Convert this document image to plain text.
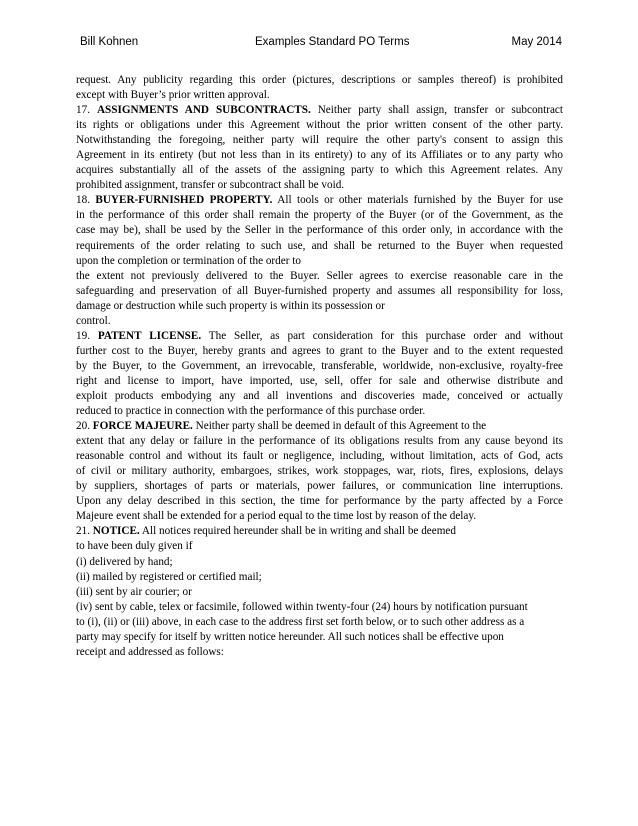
Bill Kohnen	Examples Standard PO Terms	May 2014

request. Any publicity regarding this order (pictures, descriptions or samples thereof) is prohibited

except with Buyer’s prior written approval.

17. ASSIGNMENTS AND SUBCONTRACTS. Neither party shall assign, transfer or subcontract

its rights or obligations under this Agreement without the prior written consent of the other party.

Notwithstanding the foregoing, neither party will require the other party's consent to assign this

Agreement in its entirety (but not less than in its entirety) to any of its Affiliates or to any party who

acquires substantially all of the assets of the assigning party to which this Agreement relates. Any

prohibited assignment, transfer or subcontract shall be void.

18. BUYER-FURNISHED PROPERTY. All tools or other materials furnished by the Buyer for use

in the performance of this order shall remain the property of the Buyer (or of the Government, as the

case may be), shall be used by the Seller in the performance of this order only, in accordance with the

requirements of the order relating to such use, and shall be returned to the Buyer when requested

upon the completion or termination of the order to

the extent not previously delivered to the Buyer. Seller agrees to exercise reasonable care in the

safeguarding and preservation of all Buyer-furnished property and assumes all responsibility for loss,

damage or destruction while such property is within its possession or

control.

19. PATENT LICENSE. The Seller, as part consideration for this purchase order and without

further cost to the Buyer, hereby grants and agrees to grant to the Buyer and to the extent requested

by the Buyer, to the Government, an irrevocable, transferable, worldwide, non-exclusive, royalty-free

right and license to import, have imported, use, sell, offer for sale and otherwise distribute and

exploit products embodying any and all inventions and discoveries made, conceived or actually

reduced to practice in connection with the performance of this purchase order.

20. FORCE MAJEURE. Neither party shall be deemed in default of this Agreement to the

extent that any delay or failure in the performance of its obligations results from any cause beyond its

reasonable control and without its fault or negligence, including, without limitation, acts of God, acts

of civil or military authority, embargoes, strikes, work stoppages, war, riots, fires, explosions, delays

by suppliers, shortages of parts or materials, power failures, or communication line interruptions.

Upon any delay described in this section, the time for performance by the party affected by a Force

Majeure event shall be extended for a period equal to the time lost by reason of the delay.

21. NOTICE. All notices required hereunder shall be in writing and shall be deemed

to have been duly given if

(i) delivered by hand;

(ii) mailed by registered or certified mail;

(iii) sent by air courier; or

(iv) sent by cable, telex or facsimile, followed within twenty-four (24) hours by notification pursuant

to (i), (ii) or (iii) above, in each case to the address first set forth below, or to such other address as a

party may specify for itself by written notice hereunder. All such notices shall be effective upon

receipt and addressed as follows:
